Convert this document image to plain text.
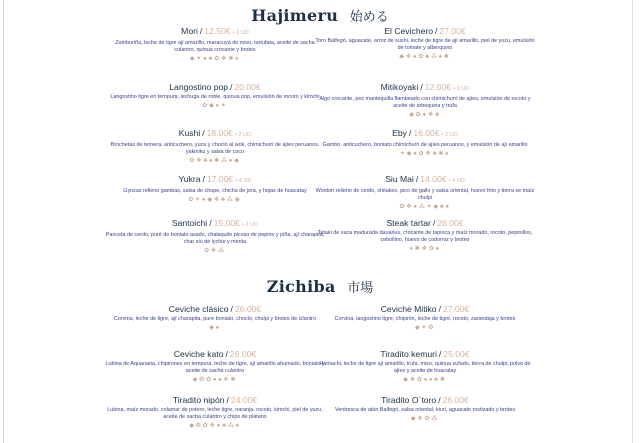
Hajimeru 始める
Zichiba 市場
Mori / 12.50€ • 2 UD
Zamburiña, leche de tigre ají amarillo, maracuyá de miso, tartufata, aceite de sacha culantro, quinua crocante y brotes
◆✦●♣✿❖✱♠
Langostino pop / 20.00€
Langostino tigre en tempura, lechuga de roble, quinua pop, emulsión de rocoto y kimchi
✿◆●✦
Kushi / 18.00€ • 2 UD
Brochetas de ternera, anticuchero, yuca y choclo al wok, chimichurri de ajíes peruanos, yakiniku y salsa de coco
✿❖♣♠✱⁂●◆
Yukra / 17.00€ • 4 UD
Gyozas relleno gambas, salsa de chupe, chicha de jora, y hojas de huacatay
✿✦●◆❖♣⁂◉
Santoichi / 15.00€ • 2 UD
Panceta de cerdo, puré de boniato asado, chalaquito picoso de pepino y piña, ají charapita, char siu de lychie y menta
✿❖⁂
El Cevichero / 27.00€
Toro Balfegó, aguacate, arroz de sushi, leche de tigre de ají amarillo, piel de yuzu, emulsión de tomate y alberquino
◆❖●✿♣⁂♠✱
Mitikoyaki / 12.00€ • 3 UD
Algo crocante, pez mantequilla flambeado con chimichurri de ajíes, emulsión de rocoto y aceite de arbequina y trufa
◆✿●❖♣
Eby / 16.00€ • 2 UD
Gambo, anticuchero, boniato chimichurri de ajíes peruanos, y emulsión de ají amarillo
✦◆●✿❖♣✱♠
Siu Mai / 14.00€ • 4 UD
Wonton relleno de cerdo, shitakes, pico de gallo y salsa oriental, huevo frito y tierra se maíz chulpi
✿❖●⁂✦◆♣♠
Steak tartar / 26.00€
Tataki de vaca madurada dauarius, crocante de tapioca y maíz morado, rocoto, pepinillos, cebollino, huevo de codorniz y brotes
●✱❖✿♠
Ceviche clásico / 26.00€
Corvina, leche de tigre, ají charapita, pure boniato, choclo, chulpi y brotes de cilantro
◆♠
Ceviche kato / 26.00€
Lubina de Aquanaria, chipirones en tempura, leche de tigre, ají amarillo ahumado, boniato y aceite de sacha culantro
◆❂✿●♠❖✱
Tiradito nipón / 24.00€
Lubina, maíz morado, colamar de potero, leche tigre, naranja, rocoto, kimchi, piel de yuzu, aceite de sacha culantro y chips de plátano
◆❂✿❖●♣⁂♠
Ceviche Mitiko / 27.00€
Corvina, langostino tigre, chipirón, leche de tigre, rocoto, zarandaja y brotes
◆✦❂
Tiradito kemuri / 25.00€
Hamachi, leche de tigre ají amarillo, trufa, miso, quinua sufado, tierra de chulpi, polvo de ajíes y aceite de huacatay
◆❖✿●♠♣✱
Tiradito O´toro / 26.00€
Ventresca de atún Balfegó, salsa oriental, kiuri, aguacate rostizado y brotes
◆❖✿⁂
